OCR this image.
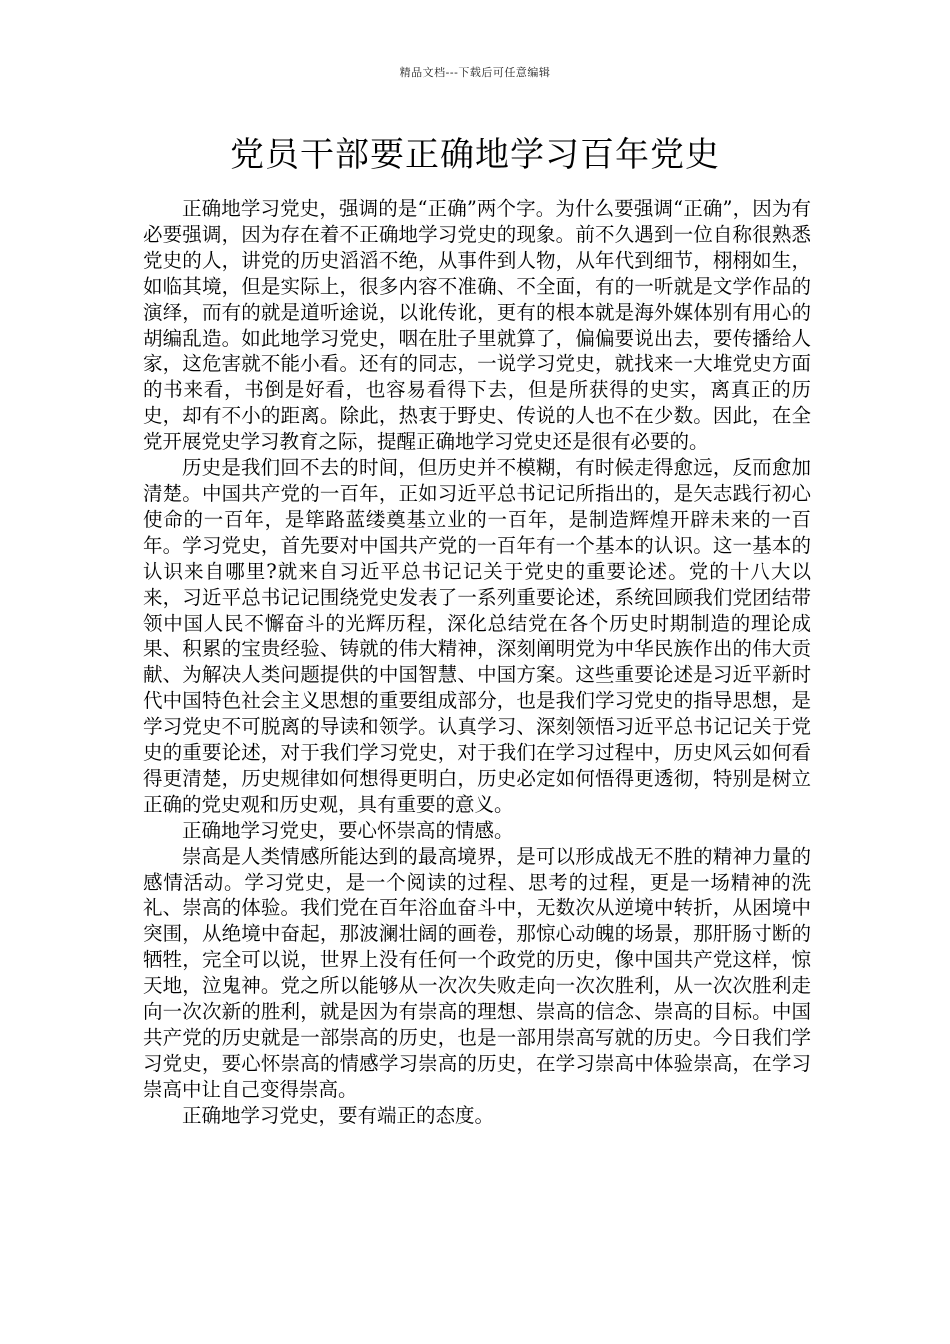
精品文档---下载后可任意编辑
党员干部要正确地学习百年党史

正确地学习党史，强调的是“正确”两个字。为什么要强调“正确”，因为有必要强调，因为存在着不正确地学习党史的现象。前不久遇到一位自称很熟悉党史的人，讲党的历史滔滔不绝，从事件到人物，从年代到细节，栩栩如生，如临其境，但是实际上，很多内容不准确、不全面，有的一听就是文学作品的演绎，而有的就是道听途说，以讹传讹，更有的根本就是海外媒体别有用心的胡编乱造。如此地学习党史，咽在肚子里就算了，偏偏要说出去，要传播给人家，这危害就不能小看。还有的同志，一说学习党史，就找来一大堆党史方面的书来看，书倒是好看，也容易看得下去，但是所获得的史实，离真正的历史，却有不小的距离。除此，热衷于野史、传说的人也不在少数。因此，在全党开展党史学习教育之际，提醒正确地学习党史还是很有必要的。

历史是我们回不去的时间，但历史并不模糊，有时候走得愈远，反而愈加清楚。中国共产党的一百年，正如习近平总书记记所指出的，是矢志践行初心使命的一百年，是筚路蓝缕奠基立业的一百年，是制造辉煌开辟未来的一百年。学习党史，首先要对中国共产党的一百年有一个基本的认识。这一基本的认识来自哪里?就来自习近平总书记记关于党史的重要论述。党的十八大以来，习近平总书记记围绕党史发表了一系列重要论述，系统回顾我们党团结带领中国人民不懈奋斗的光辉历程，深化总结党在各个历史时期制造的理论成果、积累的宝贵经验、铸就的伟大精神，深刻阐明党为中华民族作出的伟大贡献、为解决人类问题提供的中国智慧、中国方案。这些重要论述是习近平新时代中国特色社会主义思想的重要组成部分，也是我们学习党史的指导思想，是学习党史不可脱离的导读和领学。认真学习、深刻领悟习近平总书记记关于党史的重要论述，对于我们学习党史，对于我们在学习过程中，历史风云如何看得更清楚，历史规律如何想得更明白，历史必定如何悟得更透彻，特别是树立正确的党史观和历史观，具有重要的意义。

正确地学习党史，要心怀崇高的情感。

崇高是人类情感所能达到的最高境界，是可以形成战无不胜的精神力量的感情活动。学习党史，是一个阅读的过程、思考的过程，更是一场精神的洗礼、崇高的体验。我们党在百年浴血奋斗中，无数次从逆境中转折，从困境中突围，从绝境中奋起，那波澜壮阔的画卷，那惊心动魄的场景，那肝肠寸断的牺牲，完全可以说，世界上没有任何一个政党的历史，像中国共产党这样，惊天地，泣鬼神。党之所以能够从一次次失败走向一次次胜利，从一次次胜利走向一次次新的胜利，就是因为有崇高的理想、崇高的信念、崇高的目标。中国共产党的历史就是一部崇高的历史，也是一部用崇高写就的历史。今日我们学习党史，要心怀崇高的情感学习崇高的历史，在学习崇高中体验崇高，在学习崇高中让自己变得崇高。

正确地学习党史，要有端正的态度。
